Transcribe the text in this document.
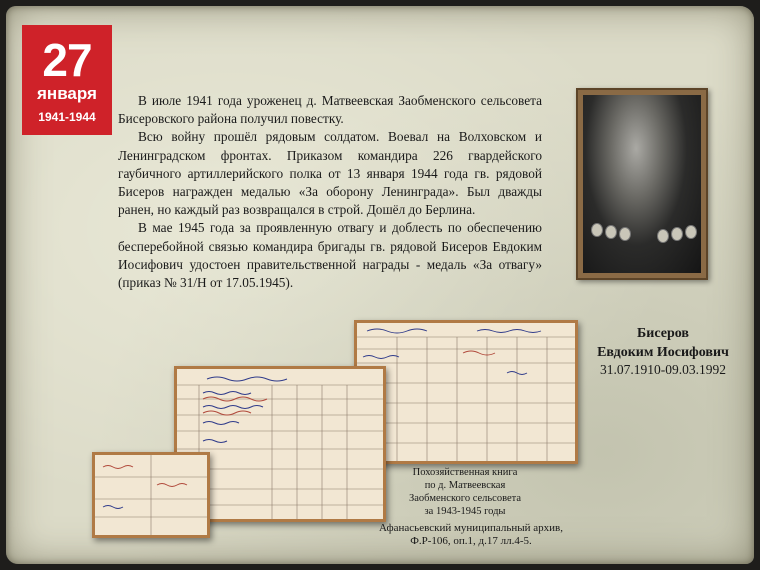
27
января
1941-1944

В июле 1941 года уроженец д. Матвеевская Заобменского сельсовета Бисеровского района получил повестку.

Всю войну прошёл рядовым солдатом. Воевал на Волховском и Ленинградском фронтах. Приказом командира 226 гвардейского гаубичного артиллерийского полка от 13 января 1944 года гв. рядовой Бисеров награжден медалью «За оборону Ленинграда». Был дважды ранен, но каждый раз возвращался в строй. Дошёл до Берлина.

В мае 1945 года за проявленную отвагу и доблесть по обеспечению бесперебойной связью командира бригады гв. рядовой Бисеров Евдоким Иосифович удостоен правительственной награды - медаль «За отвагу» (приказ № 31/Н от 17.05.1945).

Бисеров
Евдоким Иосифович
31.07.1910-09.03.1992
Похозяйственная книга
по д. Матвеевская
Заобменского сельсовета
за 1943-1945 годы
Афанасьевский муниципальный архив,
Ф.Р-106, оп.1, д.17 лл.4-5.
